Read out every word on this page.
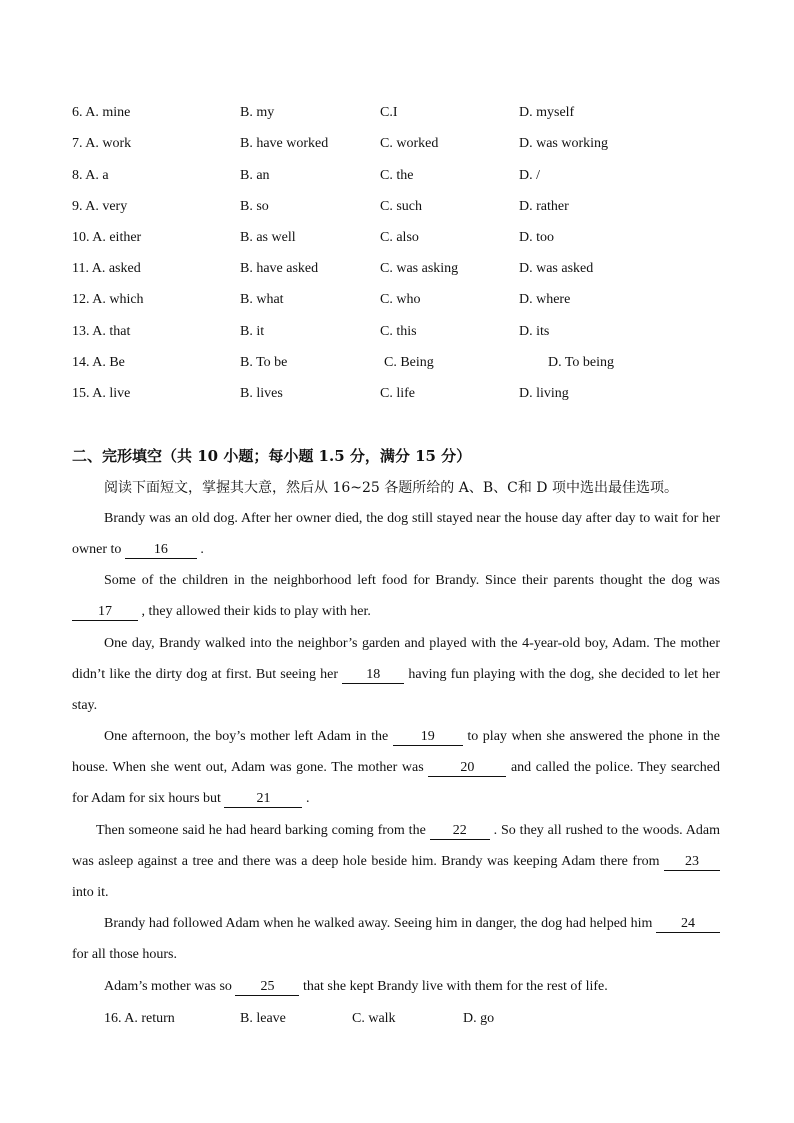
6. A. mine	B. my	C.I	D. myself
7. A. work	B. have worked	C. worked	D. was working
8. A. a	B. an	C. the	D. /
9. A. very	B. so	C. such	D. rather
10. A. either	B. as well	C. also	D. too
11. A. asked	B. have asked	C. was asking	D. was asked
12. A. which	B. what	C. who	D. where
13. A. that	B. it	C. this	D. its
14. A. Be	B. To be	C. Being	D. To being
15. A. live	B. lives	C. life	D. living
二、完形填空（共 10 小题；每小题 1.5 分，满分 15 分）
阅读下面短文，掌握其大意，然后从 16~25 各题所给的 A、B、C和 D 项中选出最佳选项。

Brandy was an old dog. After her owner died, the dog still stayed near the house day after day to wait for her owner to 16 .

Some of the children in the neighborhood left food for Brandy. Since their parents thought the dog was 17 , they allowed their kids to play with her.

One day, Brandy walked into the neighbor’s garden and played with the 4-year-old boy, Adam. The mother didn’t like the dirty dog at first. But seeing her 18 having fun playing with the dog, she decided to let her stay.

One afternoon, the boy’s mother left Adam in the 19 to play when she answered the phone in the house. When she went out, Adam was gone. The mother was	20	and called the police. They searched for Adam for six hours but	21	.

Then someone said he had heard barking coming from the 22 . So they all rushed to the woods. Adam was asleep against a tree and there was a deep hole beside him. Brandy was keeping Adam there from 23 into it.

Brandy had followed Adam when he walked away. Seeing him in danger, the dog had helped him 24 for all those hours.

Adam’s mother was so 25 that she kept Brandy live with them for the rest of life.

16. A. return	B. leave	C. walk	D. go
